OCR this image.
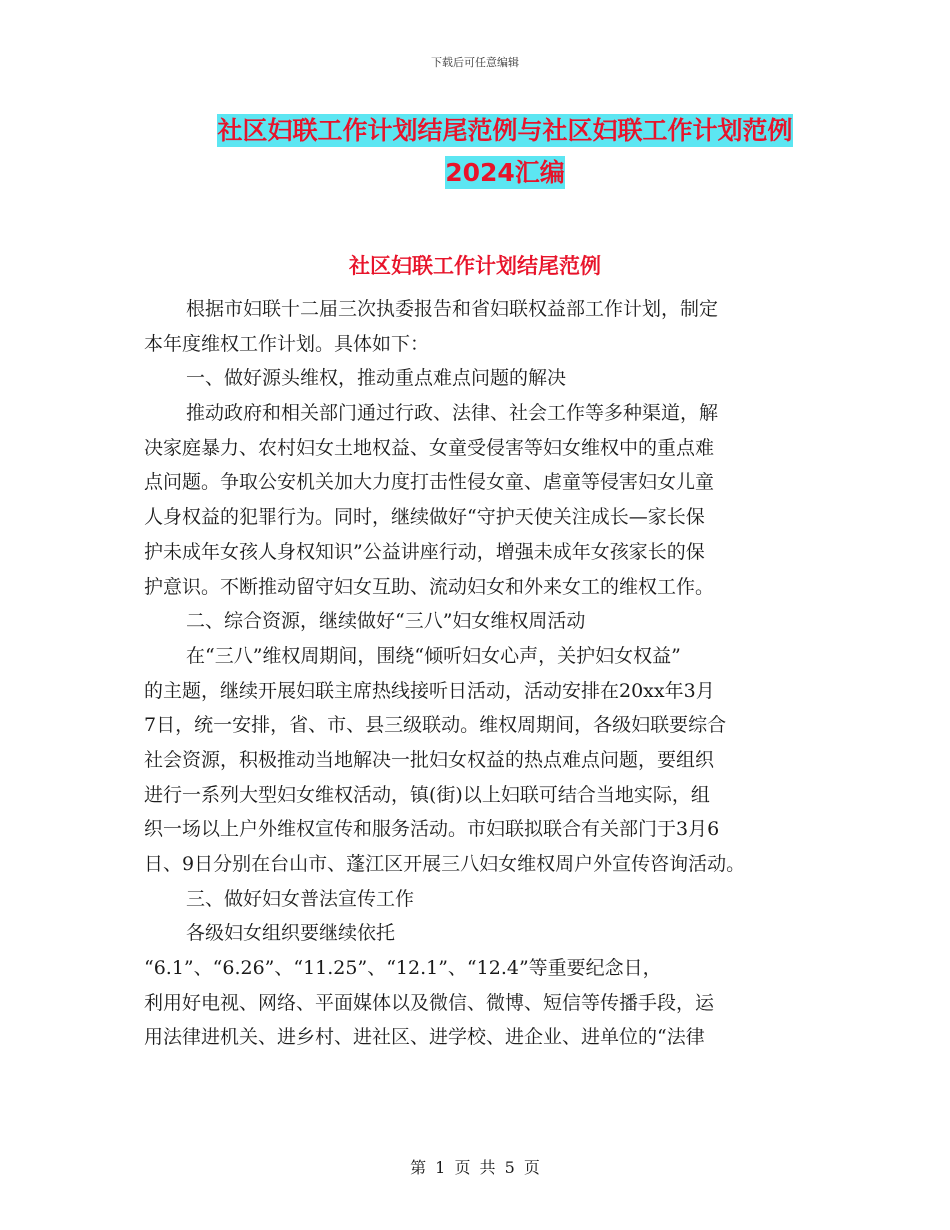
下载后可任意编辑
社区妇联工作计划结尾范例与社区妇联工作计划范例
2024汇编
社区妇联工作计划结尾范例
根据市妇联十二届三次执委报告和省妇联权益部工作计划，制定
本年度维权工作计划。具体如下：
一、做好源头维权，推动重点难点问题的解决
推动政府和相关部门通过行政、法律、社会工作等多种渠道，解
决家庭暴力、农村妇女土地权益、女童受侵害等妇女维权中的重点难
点问题。争取公安机关加大力度打击性侵女童、虐童等侵害妇女儿童
人身权益的犯罪行为。同时，继续做好“守护天使关注成长—家长保
护未成年女孩人身权知识”公益讲座行动，增强未成年女孩家长的保
护意识。不断推动留守妇女互助、流动妇女和外来女工的维权工作。
二、综合资源，继续做好“三八”妇女维权周活动
在“三八”维权周期间，围绕“倾听妇女心声，关护妇女权益”
的主题，继续开展妇联主席热线接听日活动，活动安排在20xx年3月
7日，统一安排，省、市、县三级联动。维权周期间，各级妇联要综合
社会资源，积极推动当地解决一批妇女权益的热点难点问题，要组织
进行一系列大型妇女维权活动，镇(街)以上妇联可结合当地实际，组
织一场以上户外维权宣传和服务活动。市妇联拟联合有关部门于3月6
日、9日分别在台山市、蓬江区开展三八妇女维权周户外宣传咨询活动。
三、做好妇女普法宣传工作
各级妇女组织要继续依托
“6.1”、“6.26”、“11.25”、“12.1”、“12.4”等重要纪念日，
利用好电视、网络、平面媒体以及微信、微博、短信等传播手段，运
用法律进机关、进乡村、进社区、进学校、进企业、进单位的“法律
第 1 页 共 5 页
